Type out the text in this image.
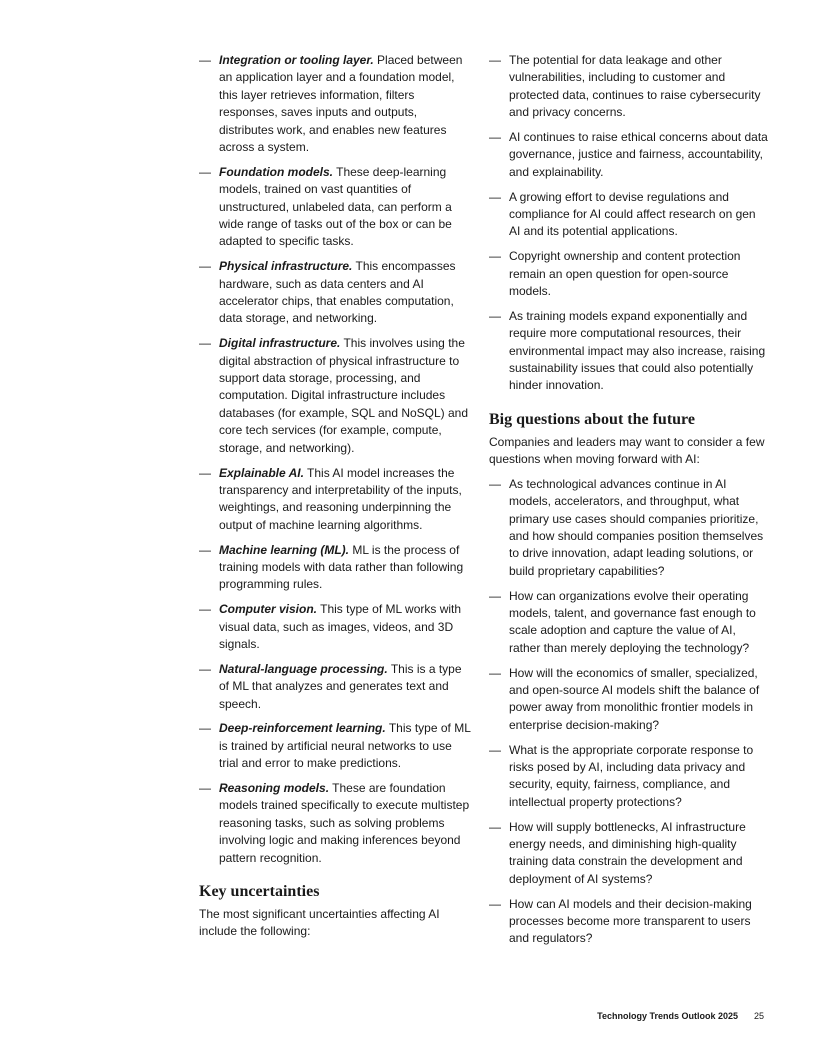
— Integration or tooling layer. Placed between an application layer and a foundation model, this layer retrieves information, filters responses, saves inputs and outputs, distributes work, and enables new features across a system.
— Foundation models. These deep-learning models, trained on vast quantities of unstructured, unlabeled data, can perform a wide range of tasks out of the box or can be adapted to specific tasks.
— Physical infrastructure. This encompasses hardware, such as data centers and AI accelerator chips, that enables computation, data storage, and networking.
— Digital infrastructure. This involves using the digital abstraction of physical infrastructure to support data storage, processing, and computation. Digital infrastructure includes databases (for example, SQL and NoSQL) and core tech services (for example, compute, storage, and networking).
— Explainable AI. This AI model increases the transparency and interpretability of the inputs, weightings, and reasoning underpinning the output of machine learning algorithms.
— Machine learning (ML). ML is the process of training models with data rather than following programming rules.
— Computer vision. This type of ML works with visual data, such as images, videos, and 3D signals.
— Natural-language processing. This is a type of ML that analyzes and generates text and speech.
— Deep-reinforcement learning. This type of ML is trained by artificial neural networks to use trial and error to make predictions.
— Reasoning models. These are foundation models trained specifically to execute multistep reasoning tasks, such as solving problems involving logic and making inferences beyond pattern recognition.
Key uncertainties

The most significant uncertainties affecting AI include the following:

— The potential for data leakage and other vulnerabilities, including to customer and protected data, continues to raise cybersecurity and privacy concerns.
— AI continues to raise ethical concerns about data governance, justice and fairness, accountability, and explainability.
— A growing effort to devise regulations and compliance for AI could affect research on gen AI and its potential applications.
— Copyright ownership and content protection remain an open question for open-source models.
— As training models expand exponentially and require more computational resources, their environmental impact may also increase, raising sustainability issues that could also potentially hinder innovation.
Big questions about the future

Companies and leaders may want to consider a few questions when moving forward with AI:

— As technological advances continue in AI models, accelerators, and throughput, what primary use cases should companies prioritize, and how should companies position themselves to drive innovation, adapt leading solutions, or build proprietary capabilities?
— How can organizations evolve their operating models, talent, and governance fast enough to scale adoption and capture the value of AI, rather than merely deploying the technology?
— How will the economics of smaller, specialized, and open-source AI models shift the balance of power away from monolithic frontier models in enterprise decision-making?
— What is the appropriate corporate response to risks posed by AI, including data privacy and security, equity, fairness, compliance, and intellectual property protections?
— How will supply bottlenecks, AI infrastructure energy needs, and diminishing high-quality training data constrain the development and deployment of AI systems?
— How can AI models and their decision-making processes become more transparent to users and regulators?
Technology Trends Outlook 2025 25
